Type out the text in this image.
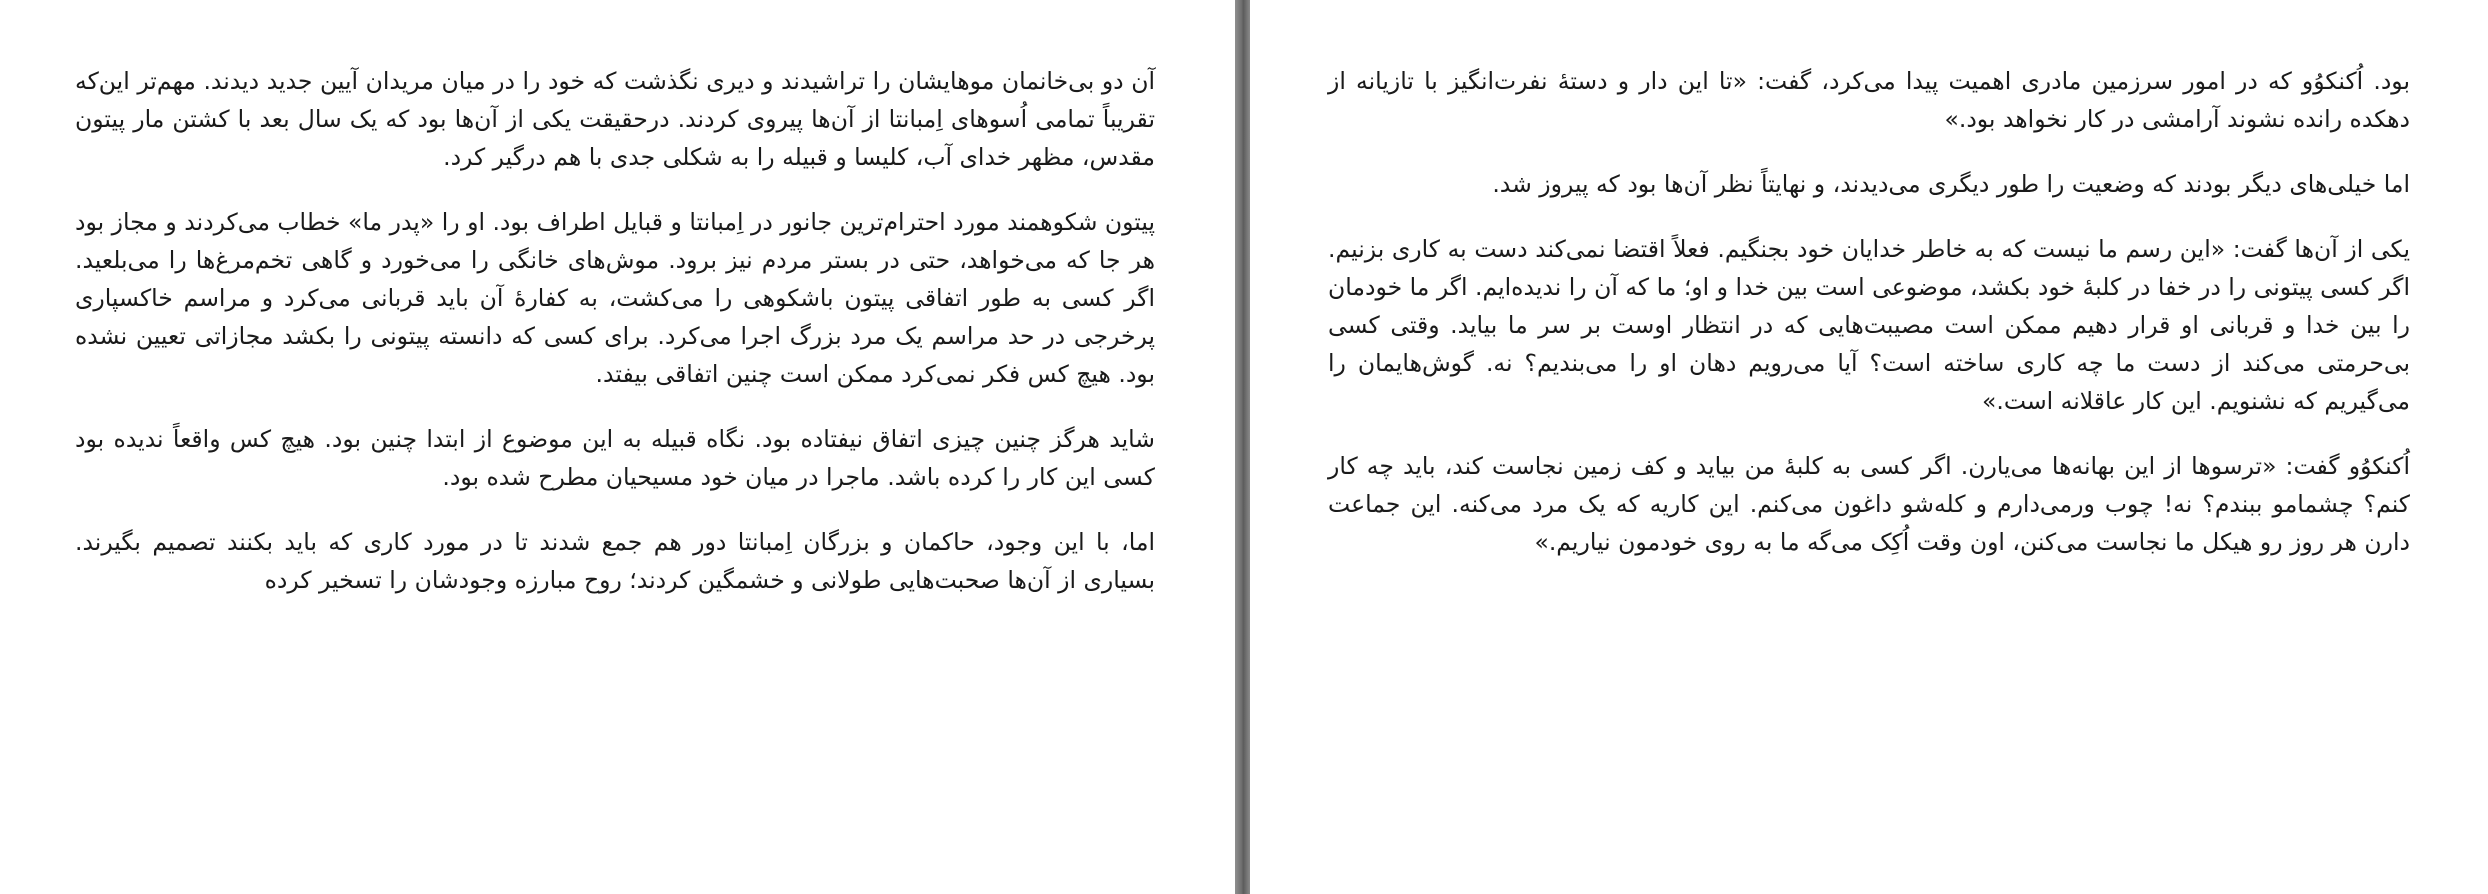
آن دو بی‌خانمان موهایشان را تراشیدند و دیری نگذشت که خود را در میان مریدان آیین جدید دیدند. مهم‌تر این‌که تقریباً تمامی اُسوهای اِمبانتا از آن‌ها پیروی کردند. درحقیقت یکی از آن‌ها بود که یک سال بعد با کشتن مار پیتون مقدس، مظهر خدای آب، کلیسا و قبیله را به شکلی جدی با هم درگیر کرد.

پیتون شکوهمند مورد احترام‌ترین جانور در اِمبانتا و قبایل اطراف بود. او را «پدر ما» خطاب می‌کردند و مجاز بود هر جا که می‌خواهد، حتی در بستر مردم نیز برود. موش‌های خانگی را می‌خورد و گاهی تخم‌مرغ‌ها را می‌بلعید. اگر کسی به طور اتفاقی پیتون باشکوهی را می‌کشت، به کفارهٔ آن باید قربانی می‌کرد و مراسم خاکسپاری پرخرجی در حد مراسم یک مرد بزرگ اجرا می‌کرد. برای کسی که دانسته پیتونی را بکشد مجازاتی تعیین نشده بود. هیچ کس فکر نمی‌کرد ممکن است چنین اتفاقی بیفتد.

شاید هرگز چنین چیزی اتفاق نیفتاده بود. نگاه قبیله به این موضوع از ابتدا چنین بود. هیچ کس واقعاً ندیده بود کسی این کار را کرده باشد. ماجرا در میان خود مسیحیان مطرح شده بود.

اما، با این وجود، حاکمان و بزرگان اِمبانتا دور هم جمع شدند تا در مورد کاری که باید بکنند تصمیم بگیرند. بسیاری از آن‌ها صحبت‌هایی طولانی و خشمگین کردند؛ روح مبارزه وجودشان را تسخیر کرده

بود. اُکنکوُو که در امور سرزمین مادری اهمیت پیدا می‌کرد، گفت: «تا این دار و دستهٔ نفرت‌انگیز با تازیانه از دهکده رانده نشوند آرامشی در کار نخواهد بود.»

اما خیلی‌های دیگر بودند که وضعیت را طور دیگری می‌دیدند، و نهایتاً نظر آن‌ها بود که پیروز شد.

یکی از آن‌ها گفت: «این رسم ما نیست که به خاطر خدایان خود بجنگیم. فعلاً اقتضا نمی‌کند دست به کاری بزنیم. اگر کسی پیتونی را در خفا در کلبهٔ خود بکشد، موضوعی است بین خدا و او؛ ما که آن را ندیده‌ایم. اگر ما خودمان را بین خدا و قربانی او قرار دهیم ممکن است مصیبت‌هایی که در انتظار اوست بر سر ما بیاید. وقتی کسی بی‌حرمتی می‌کند از دست ما چه کاری ساخته است؟ آیا می‌رویم دهان او را می‌بندیم؟ نه. گوش‌هایمان را می‌گیریم که نشنویم. این کار عاقلانه است.»

اُکنکوُو گفت: «ترسوها از این بهانه‌ها می‌یارن. اگر کسی به کلبهٔ من بیاید و کف زمین نجاست کند، باید چه کار کنم؟ چشمامو ببندم؟ نه! چوب ورمی‌دارم و کله‌شو داغون می‌کنم. این کاریه که یک مرد می‌کنه. این جماعت دارن هر روز رو هیکل ما نجاست می‌کنن، اون وقت اُکِک می‌گه ما به روی خودمون نیاریم.»
